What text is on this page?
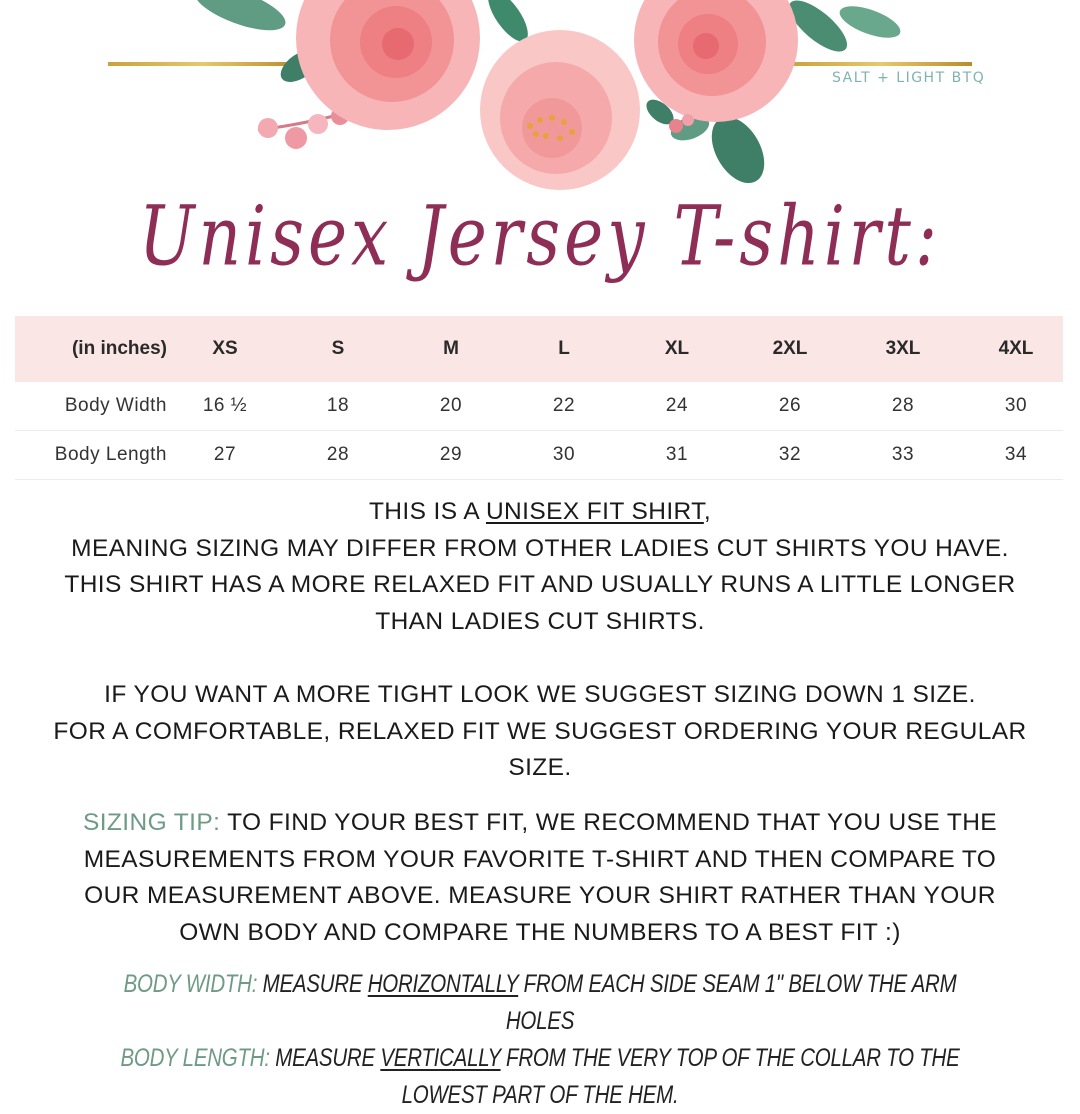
SALT + LIGHT BTQ
Unisex Jersey T-shirt:
(in inches)	XS	S	M	L	XL	2XL	3XL	4XL
Body Width	16 ½	18	20	22	24	26	28	30
Body Length	27	28	29	30	31	32	33	34
THIS IS A UNISEX FIT SHIRT,
MEANING SIZING MAY DIFFER FROM OTHER LADIES CUT SHIRTS YOU HAVE.
THIS SHIRT HAS A MORE RELAXED FIT AND USUALLY RUNS A LITTLE LONGER
THAN LADIES CUT SHIRTS.
IF YOU WANT A MORE TIGHT LOOK WE SUGGEST SIZING DOWN 1 SIZE.
FOR A COMFORTABLE, RELAXED FIT WE SUGGEST ORDERING YOUR REGULAR
SIZE.
SIZING TIP: TO FIND YOUR BEST FIT, WE RECOMMEND THAT YOU USE THE
MEASUREMENTS FROM YOUR FAVORITE T-SHIRT AND THEN COMPARE TO
OUR MEASUREMENT ABOVE. MEASURE YOUR SHIRT RATHER THAN YOUR
OWN BODY AND COMPARE THE NUMBERS TO A BEST FIT :)
BODY WIDTH: MEASURE HORIZONTALLY FROM EACH SIDE SEAM 1" BELOW THE ARM HOLES
BODY LENGTH: MEASURE VERTICALLY FROM THE VERY TOP OF THE COLLAR TO THE LOWEST PART OF THE HEM.
